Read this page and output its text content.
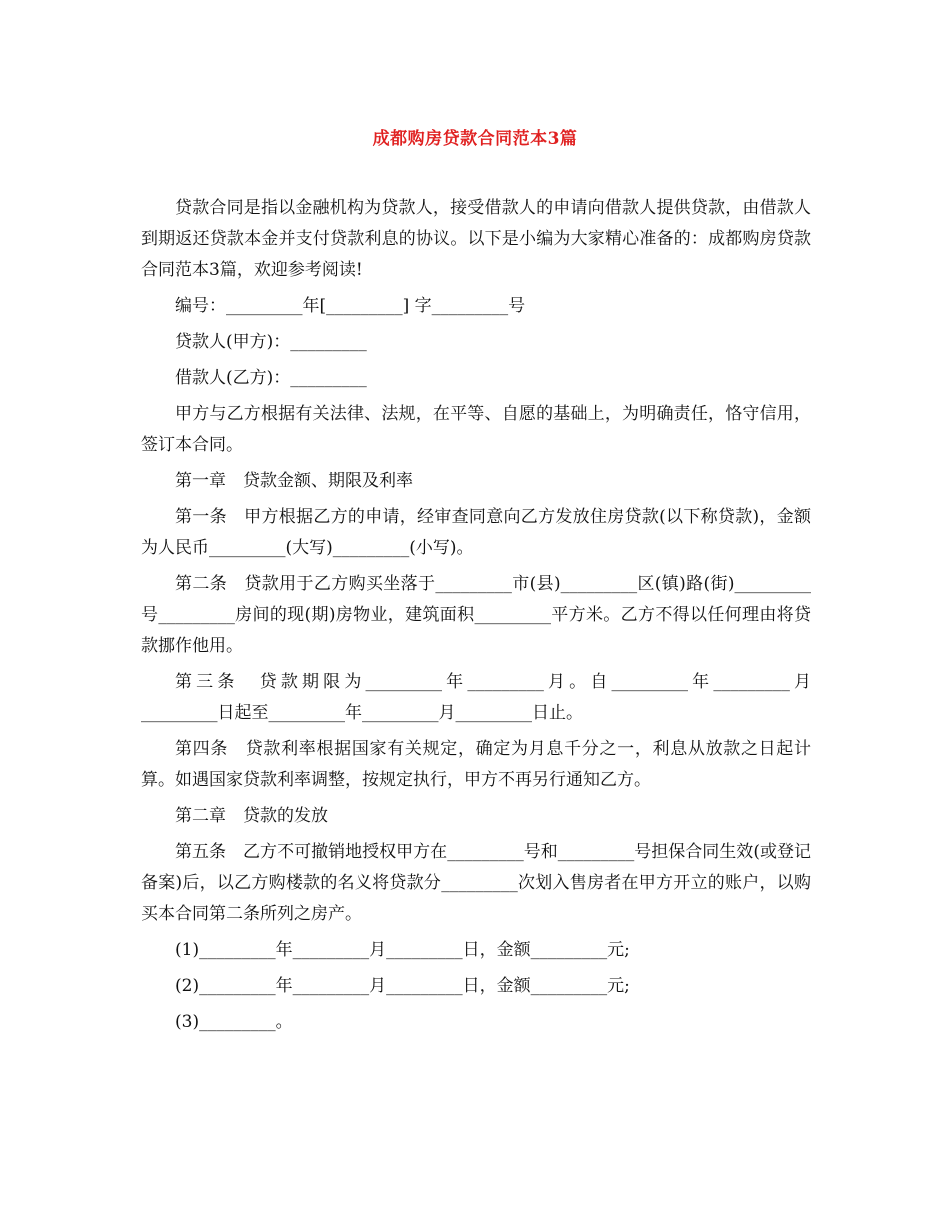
成都购房贷款合同范本3篇

贷款合同是指以金融机构为贷款人，接受借款人的申请向借款人提供贷款，由借款人到期返还贷款本金并支付贷款利息的协议。以下是小编为大家精心准备的：成都购房贷款合同范本3篇，欢迎参考阅读!

编号：_________年[_________] 字_________号

贷款人(甲方)：_________

借款人(乙方)：_________

甲方与乙方根据有关法律、法规，在平等、自愿的基础上，为明确责任，恪守信用，签订本合同。

第一章　贷款金额、期限及利率

第一条　甲方根据乙方的申请，经审查同意向乙方发放住房贷款(以下称贷款)，金额为人民币_________(大写)_________(小写)。

第二条　贷款用于乙方购买坐落于_________市(县)_________区(镇)路(街)_________号_________房间的现(期)房物业，建筑面积_________平方米。乙方不得以任何理由将贷款挪作他用。

第三条　贷款期限为_________年_________月。自_________年_________月_________日起至_________年_________月_________日止。

第四条　贷款利率根据国家有关规定，确定为月息千分之一，利息从放款之日起计算。如遇国家贷款利率调整，按规定执行，甲方不再另行通知乙方。

第二章　贷款的发放

第五条　乙方不可撤销地授权甲方在_________号和_________号担保合同生效(或登记备案)后，以乙方购楼款的名义将贷款分_________次划入售房者在甲方开立的账户，以购买本合同第二条所列之房产。

(1)_________年_________月_________日，金额_________元;

(2)_________年_________月_________日，金额_________元;

(3)_________。
